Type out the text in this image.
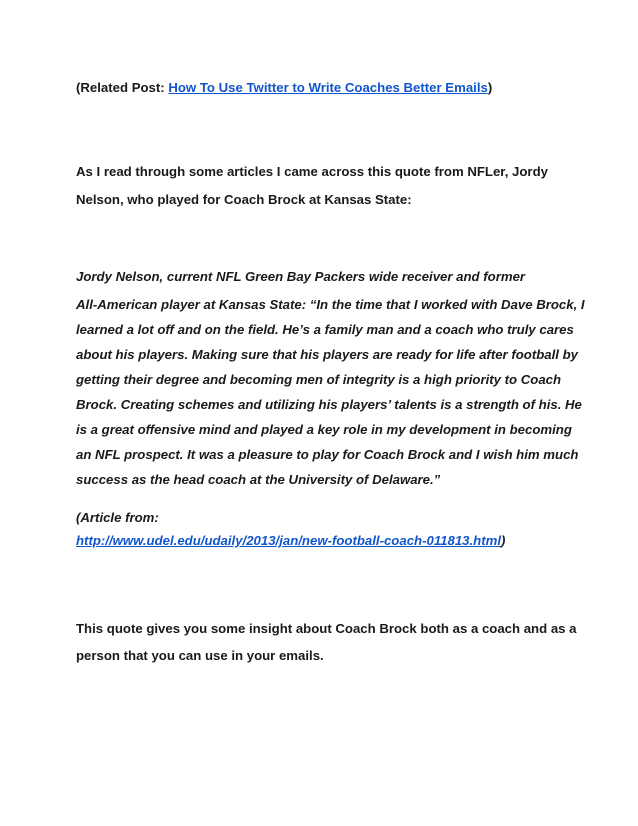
(Related Post: How To Use Twitter to Write Coaches Better Emails)
As I read through some articles I came across this quote from NFLer, Jordy
Nelson, who played for Coach Brock at Kansas State:
Jordy Nelson, current NFL Green Bay Packers wide receiver and former
All-American player at Kansas State: “In the time that I worked with Dave Brock, I
learned a lot off and on the field. He’s a family man and a coach who truly cares
about his players. Making sure that his players are ready for life after football by
getting their degree and becoming men of integrity is a high priority to Coach
Brock. Creating schemes and utilizing his players’ talents is a strength of his. He
is a great offensive mind and played a key role in my development in becoming
an NFL prospect. It was a pleasure to play for Coach Brock and I wish him much
success as the head coach at the University of Delaware.”
(Article from:
http://www.udel.edu/udaily/2013/jan/new-football-coach-011813.html)
This quote gives you some insight about Coach Brock both as a coach and as a
person that you can use in your emails.
